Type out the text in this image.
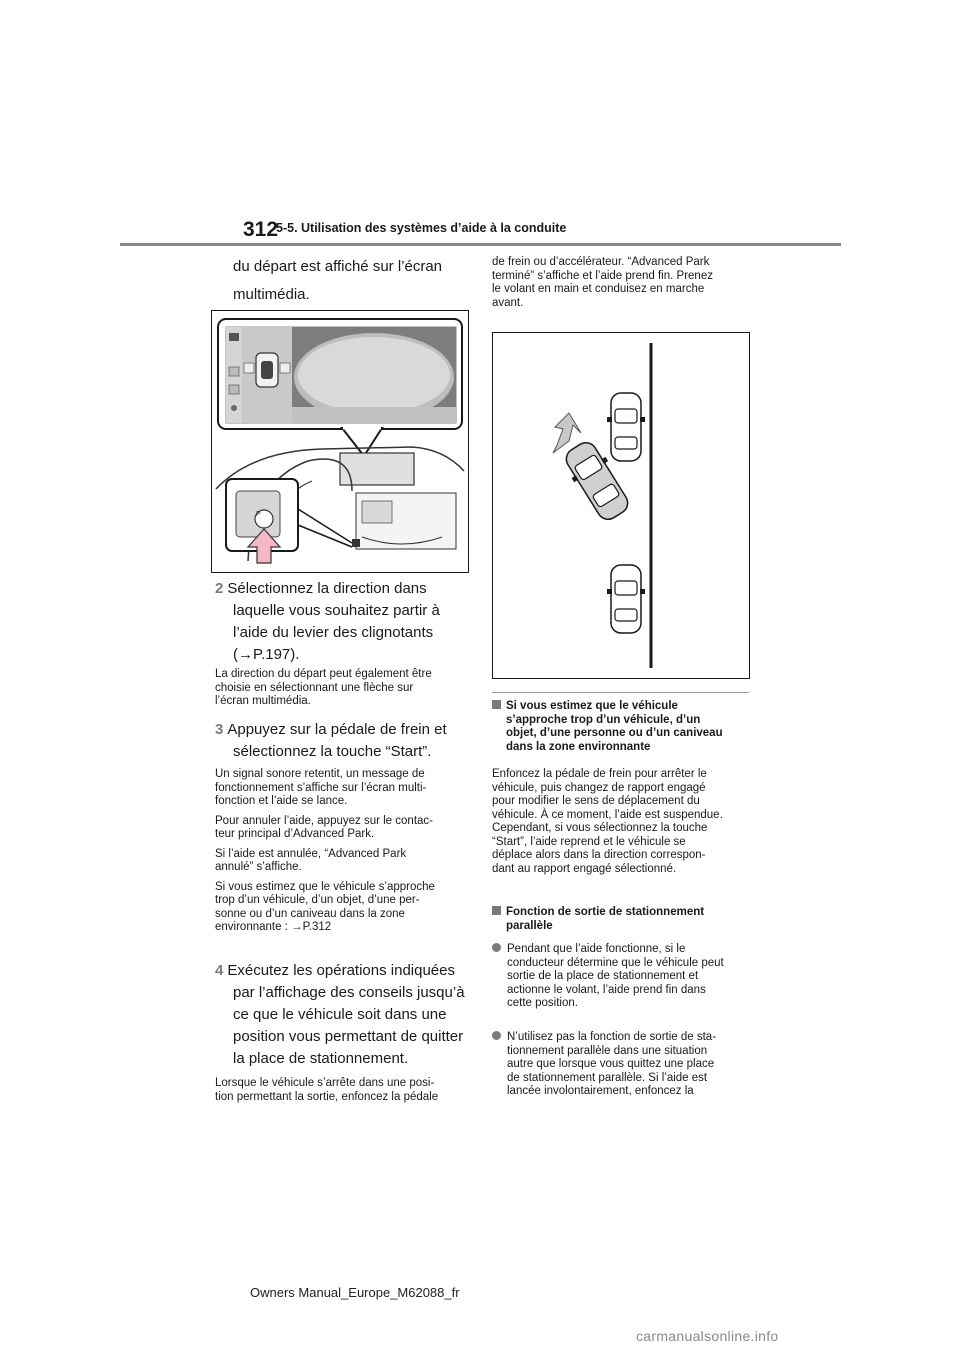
312
5-5. Utilisation des systèmes d’aide à la conduite
du départ est affiché sur l’écran
multimédia.
P
2 Sélectionnez la direction dans
laquelle vous souhaitez partir à
l’aide du levier des clignotants
(→P.197).
La direction du départ peut également être
choisie en sélectionnant une flèche sur
l’écran multimédia.
3 Appuyez sur la pédale de frein et
sélectionnez la touche “Start”.
Un signal sonore retentit, un message de
fonctionnement s’affiche sur l’écran multi-
fonction et l’aide se lance.
Pour annuler l’aide, appuyez sur le contac-
teur principal d’Advanced Park.
Si l’aide est annulée, “Advanced Park
annulé” s’affiche.
Si vous estimez que le véhicule s’approche
trop d’un véhicule, d’un objet, d’une per-
sonne ou d’un caniveau dans la zone
environnante : →P.312
4 Exécutez les opérations indiquées
par l’affichage des conseils jusqu’à
ce que le véhicule soit dans une
position vous permettant de quitter
la place de stationnement.
Lorsque le véhicule s’arrête dans une posi-
tion permettant la sortie, enfoncez la pédale
de frein ou d’accélérateur. “Advanced Park
terminé” s’affiche et l’aide prend fin. Prenez
le volant en main et conduisez en marche
avant.
Si vous estimez que le véhicule
s’approche trop d’un véhicule, d’un
objet, d’une personne ou d’un caniveau
dans la zone environnante
Enfoncez la pédale de frein pour arrêter le
véhicule, puis changez de rapport engagé
pour modifier le sens de déplacement du
véhicule. À ce moment, l’aide est suspendue.
Cependant, si vous sélectionnez la touche
“Start”, l’aide reprend et le véhicule se
déplace alors dans la direction correspon-
dant au rapport engagé sélectionné.
Fonction de sortie de stationnement
parallèle
Pendant que l’aide fonctionne, si le
conducteur détermine que le véhicule peut
sortie de la place de stationnement et
actionne le volant, l’aide prend fin dans
cette position.
N’utilisez pas la fonction de sortie de sta-
tionnement parallèle dans une situation
autre que lorsque vous quittez une place
de stationnement parallèle. Si l’aide est
lancée involontairement, enfoncez la
Owners Manual_Europe_M62088_fr
carmanualsonline.info
